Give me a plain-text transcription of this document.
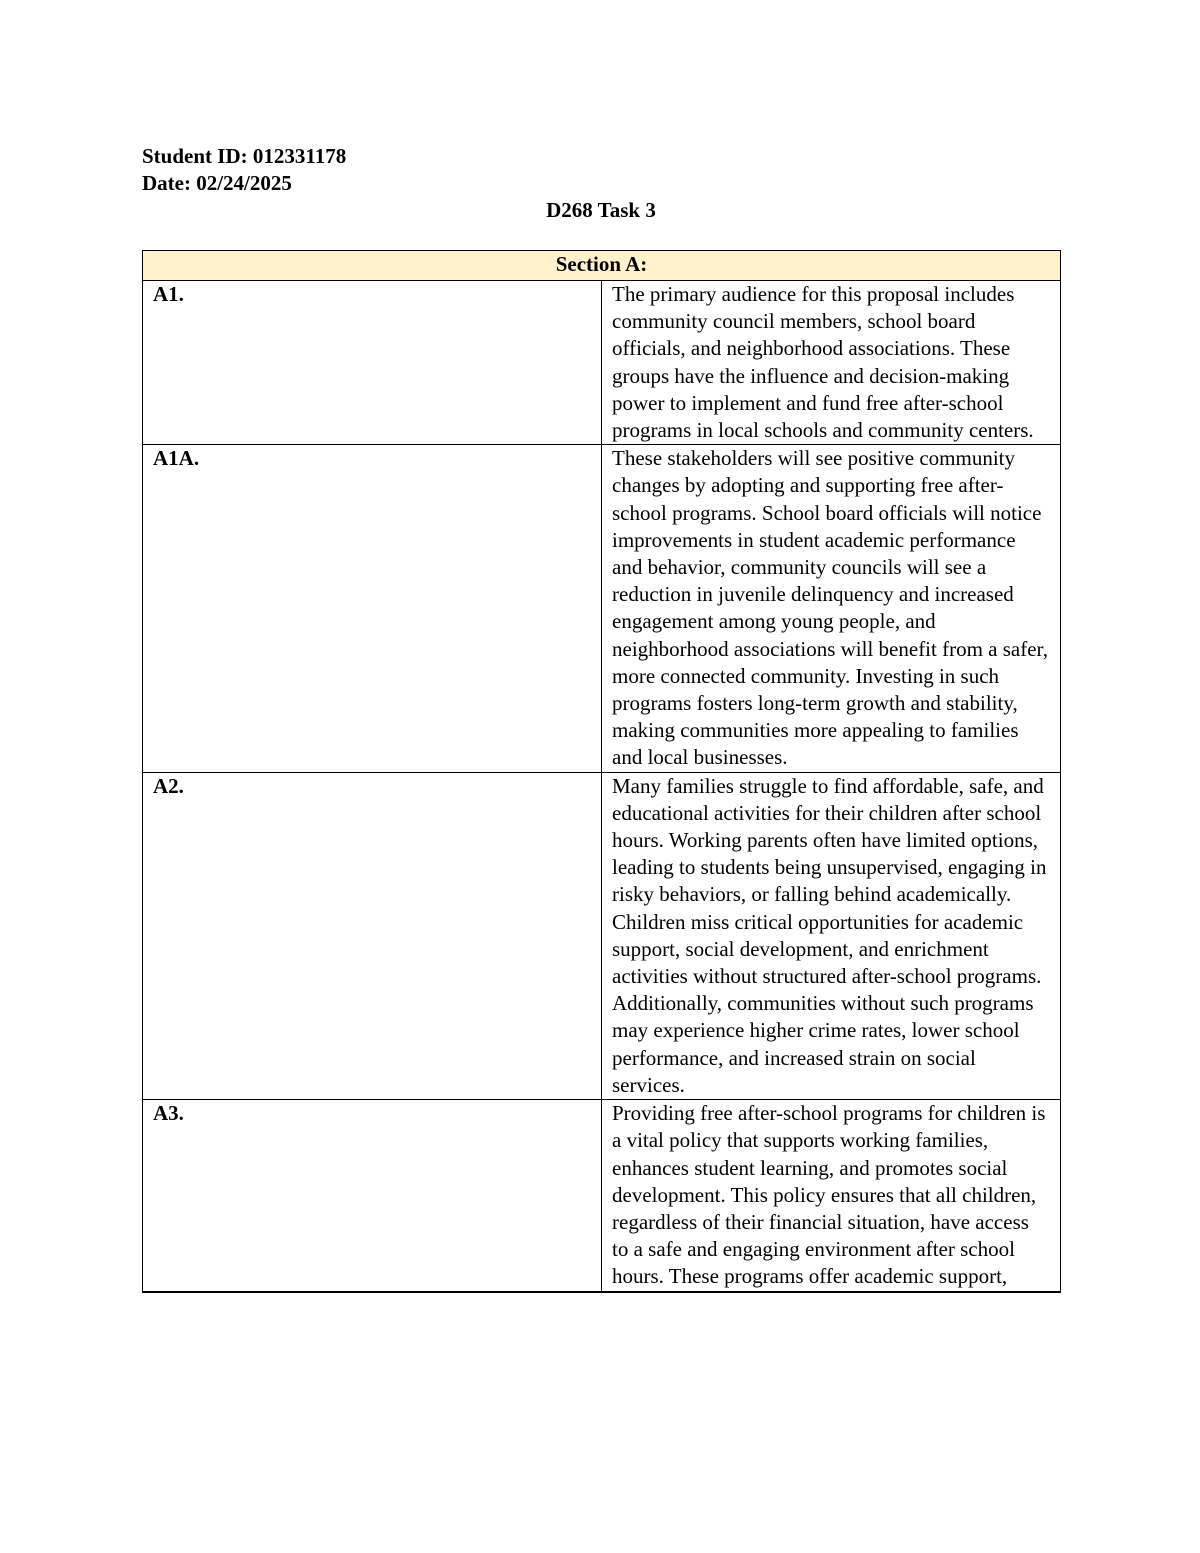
Student ID: 012331178

Date: 02/24/2025

D268 Task 3

Section A:	
A1.	The primary audience for this proposal includes community council members, school board officials, and neighborhood associations. These groups have the influence and decision-making power to implement and fund free after-school programs in local schools and community centers.
A1A.	These stakeholders will see positive community changes by adopting and supporting free after-school programs. School board officials will notice improvements in student academic performance and behavior, community councils will see a reduction in juvenile delinquency and increased engagement among young people, and neighborhood associations will benefit from a safer, more connected community. Investing in such programs fosters long-term growth and stability, making communities more appealing to families and local businesses.
A2.	Many families struggle to find affordable, safe, and educational activities for their children after school hours. Working parents often have limited options, leading to students being unsupervised, engaging in risky behaviors, or falling behind academically. Children miss critical opportunities for academic support, social development, and enrichment activities without structured after-school programs. Additionally, communities without such programs may experience higher crime rates, lower school performance, and increased strain on social services.
A3.	Providing free after-school programs for children is a vital policy that supports working families, enhances student learning, and promotes social development. This policy ensures that all children, regardless of their financial situation, have access to a safe and engaging environment after school hours. These programs offer academic support,
